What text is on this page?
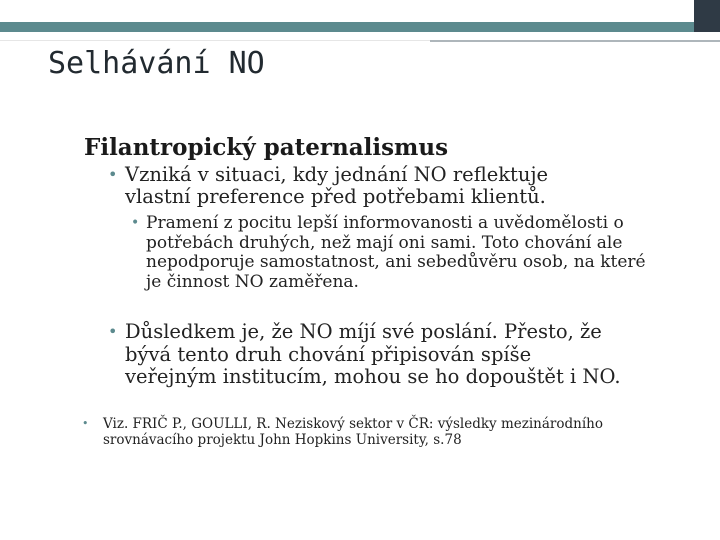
Selhávání NO
Filantropický paternalismus
• Vzniká v situaci, kdy jednání NO reflektuje vlastní preference před potřebami klientů.
• Pramení z pocitu lepší informovanosti a uvědomělosti o potřebách druhých, než mají oni sami. Toto chování ale nepodporuje samostatnost, ani sebedůvěru osob, na které je činnost NO zaměřena.
• Důsledkem je, že NO míjí své poslání. Přesto, že bývá tento druh chování připisován spíše veřejným institucím, mohou se ho dopouštět i NO.
• Viz. FRIČ P., GOULLI, R. Neziskový sektor v ČR: výsledky mezinárodního srovnávacího projektu John Hopkins University, s.78
